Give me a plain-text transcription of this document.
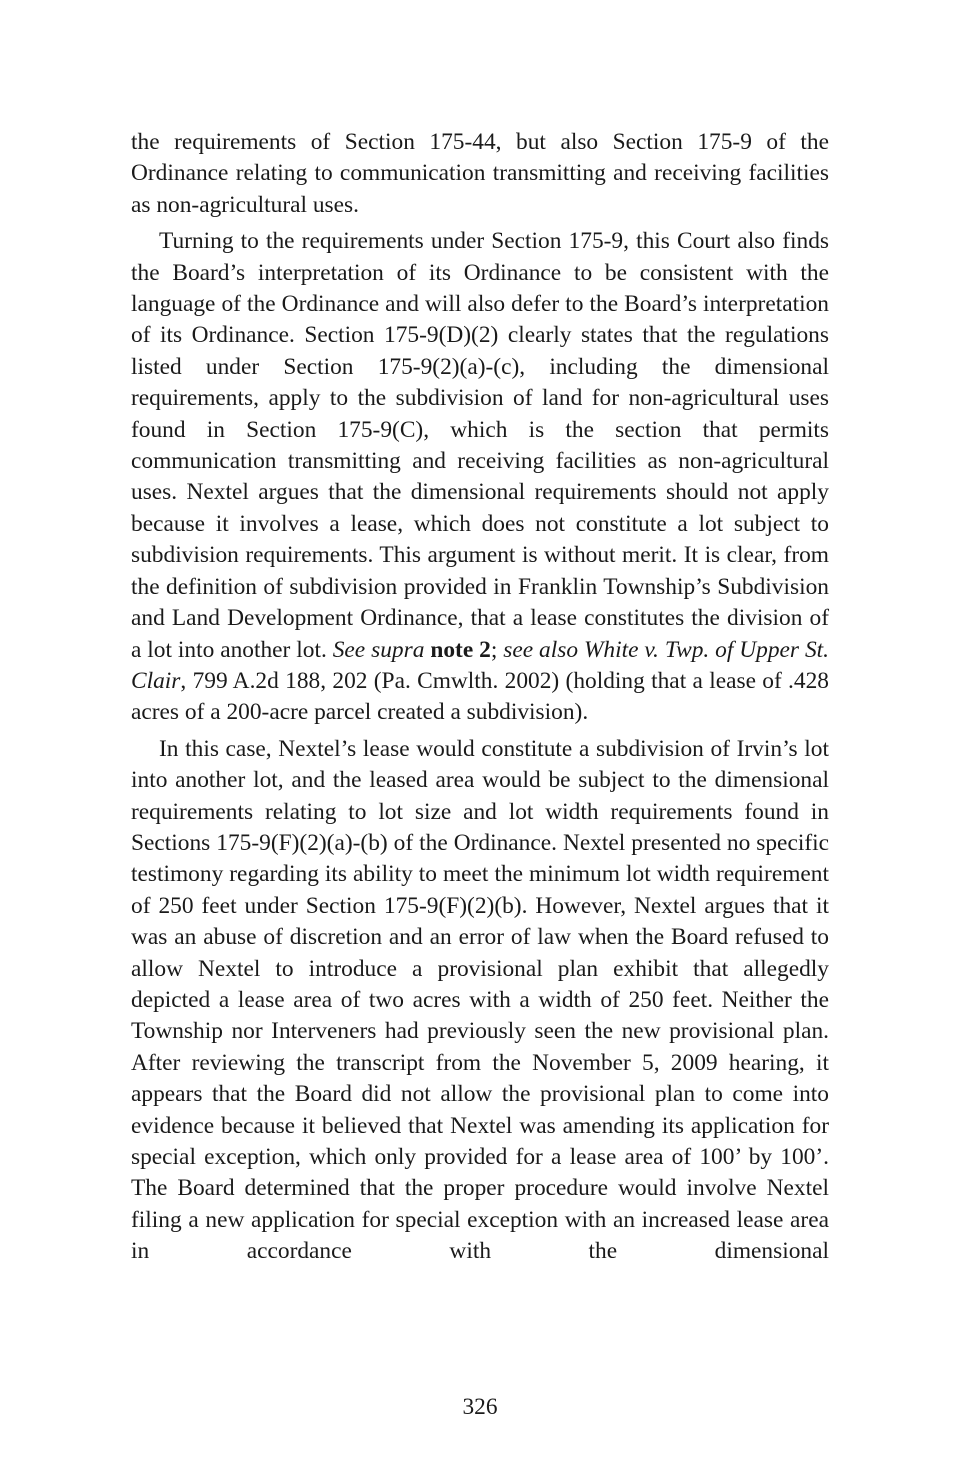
the requirements of Section 175-44, but also Section 175-9 of the Ordinance relating to communication transmitting and receiving facilities as non-agricultural uses.

Turning to the requirements under Section 175-9, this Court also finds the Board’s interpretation of its Ordinance to be consistent with the language of the Ordinance and will also defer to the Board’s interpretation of its Ordinance. Section 175-9(D)(2) clearly states that the regulations listed under Section 175-9(2)(a)-(c), including the dimensional requirements, apply to the subdivision of land for non-agricultural uses found in Section 175-9(C), which is the section that permits communication transmitting and receiving facilities as non-agricultural uses. Nextel argues that the dimensional requirements should not apply because it involves a lease, which does not constitute a lot subject to subdivision requirements. This argument is without merit. It is clear, from the definition of subdivision provided in Franklin Township’s Subdivision and Land Development Ordinance, that a lease constitutes the division of a lot into another lot. See supra note 2; see also White v. Twp. of Upper St. Clair, 799 A.2d 188, 202 (Pa. Cmwlth. 2002) (holding that a lease of .428 acres of a 200-acre parcel created a subdivision).

In this case, Nextel’s lease would constitute a subdivision of Irvin’s lot into another lot, and the leased area would be subject to the dimensional requirements relating to lot size and lot width requirements found in Sections 175-9(F)(2)(a)-(b) of the Ordinance. Nextel presented no specific testimony regarding its ability to meet the minimum lot width requirement of 250 feet under Section 175-9(F)(2)(b). However, Nextel argues that it was an abuse of discretion and an error of law when the Board refused to allow Nextel to introduce a provisional plan exhibit that allegedly depicted a lease area of two acres with a width of 250 feet. Neither the Township nor Interveners had previously seen the new provisional plan. After reviewing the transcript from the November 5, 2009 hearing, it appears that the Board did not allow the provisional plan to come into evidence because it believed that Nextel was amending its application for special exception, which only provided for a lease area of 100’ by 100’. The Board determined that the proper procedure would involve Nextel filing a new application for special exception with an increased lease area in accordance with the dimensional

326
